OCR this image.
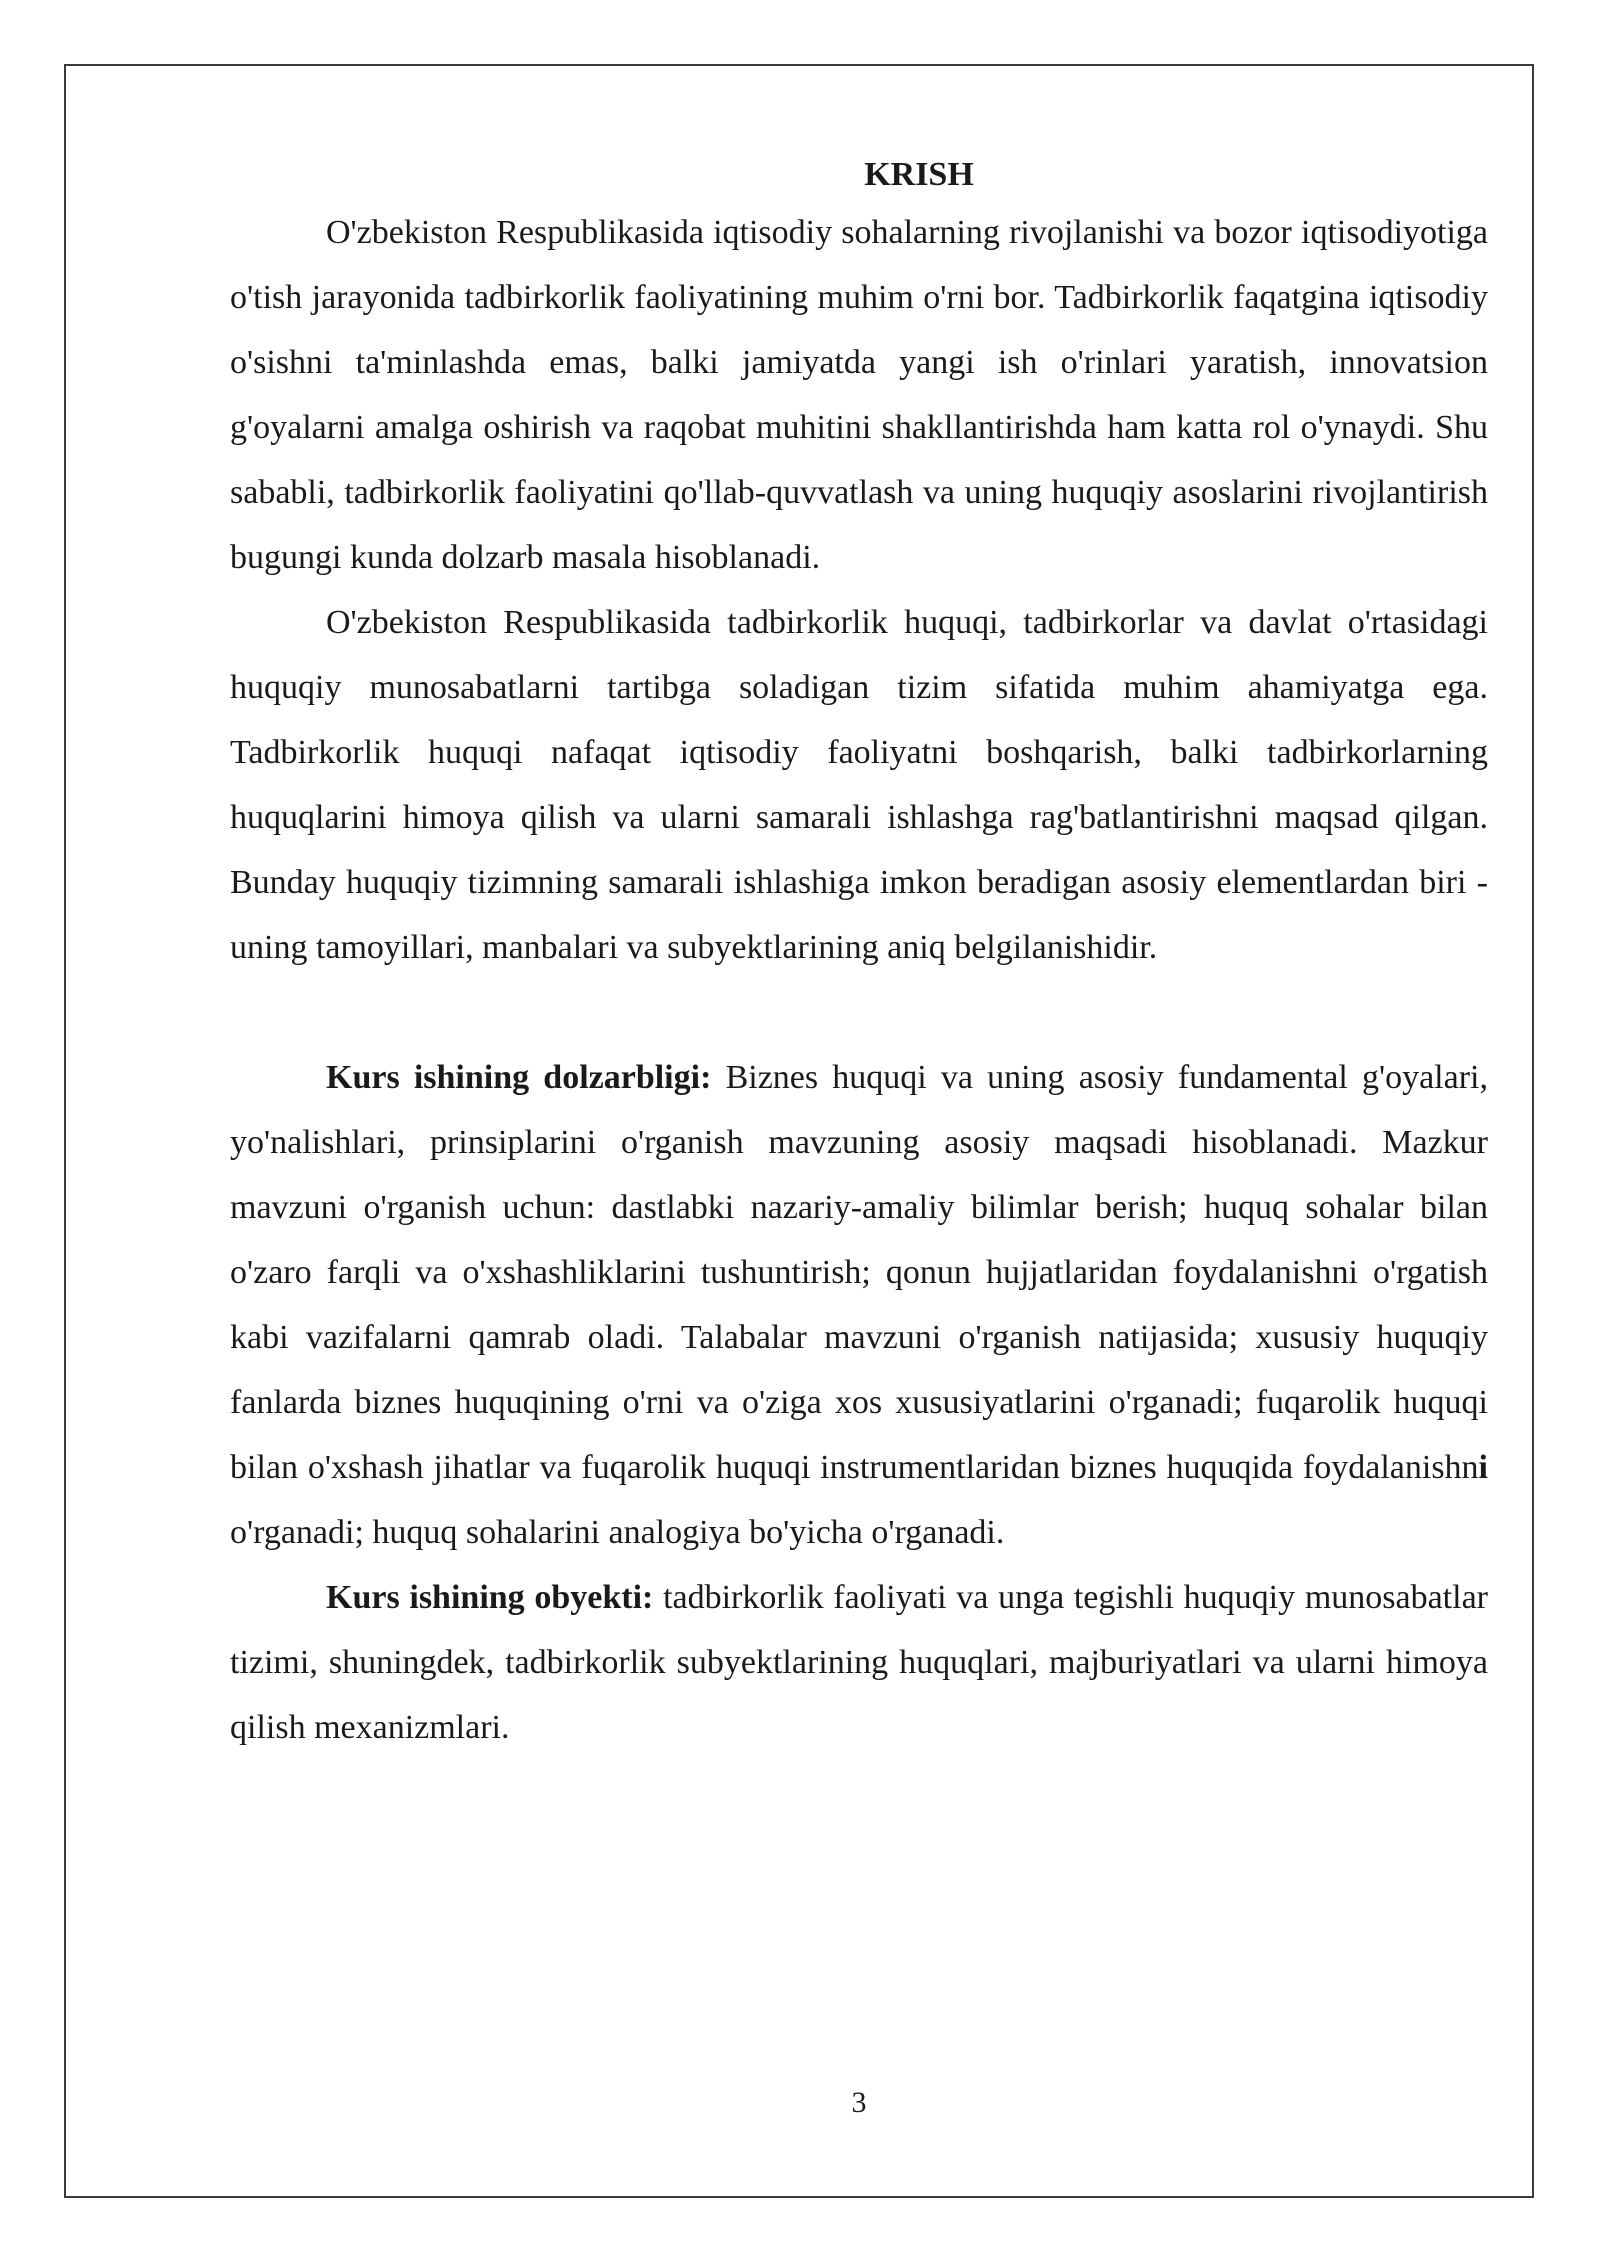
KRISH

O'zbekiston Respublikasida iqtisodiy sohalarning rivojlanishi va bozor iqtisodiyotiga o'tish jarayonida tadbirkorlik faoliyatining muhim o'rni bor. Tadbirkorlik faqatgina iqtisodiy o'sishni ta'minlashda emas, balki jamiyatda yangi ish o'rinlari yaratish, innovatsion g'oyalarni amalga oshirish va raqobat muhitini shakllantirishda ham katta rol o'ynaydi. Shu sababli, tadbirkorlik faoliyatini qo'llab-quvvatlash va uning huquqiy asoslarini rivojlantirish bugungi kunda dolzarb masala hisoblanadi.

O'zbekiston Respublikasida tadbirkorlik huquqi, tadbirkorlar va davlat o'rtasidagi huquqiy munosabatlarni tartibga soladigan tizim sifatida muhim ahamiyatga ega. Tadbirkorlik huquqi nafaqat iqtisodiy faoliyatni boshqarish, balki tadbirkorlarning huquqlarini himoya qilish va ularni samarali ishlashga rag'batlantirishni maqsad qilgan. Bunday huquqiy tizimning samarali ishlashiga imkon beradigan asosiy elementlardan biri - uning tamoyillari, manbalari va subyektlarining aniq belgilanishidir.

Kurs ishining dolzarbligi: Biznes huquqi va uning asosiy fundamental g'oyalari, yo'nalishlari, prinsiplarini o'rganish mavzuning asosiy maqsadi hisoblanadi. Mazkur mavzuni o'rganish uchun: dastlabki nazariy-amaliy bilimlar berish; huquq sohalar bilan o'zaro farqli va o'xshashliklarini tushuntirish; qonun hujjatlaridan foydalanishni o'rgatish kabi vazifalarni qamrab oladi. Talabalar mavzuni o'rganish natijasida; xususiy huquqiy fanlarda biznes huquqining o'rni va o'ziga xos xususiyatlarini o'rganadi; fuqarolik huquqi bilan o'xshash jihatlar va fuqarolik huquqi instrumentlaridan biznes huquqida foydalanishni o'rganadi; huquq sohalarini analogiya bo'yicha o'rganadi.

Kurs ishining obyekti: tadbirkorlik faoliyati va unga tegishli huquqiy munosabatlar tizimi, shuningdek, tadbirkorlik subyektlarining huquqlari, majburiyatlari va ularni himoya qilish mexanizmlari.

3
